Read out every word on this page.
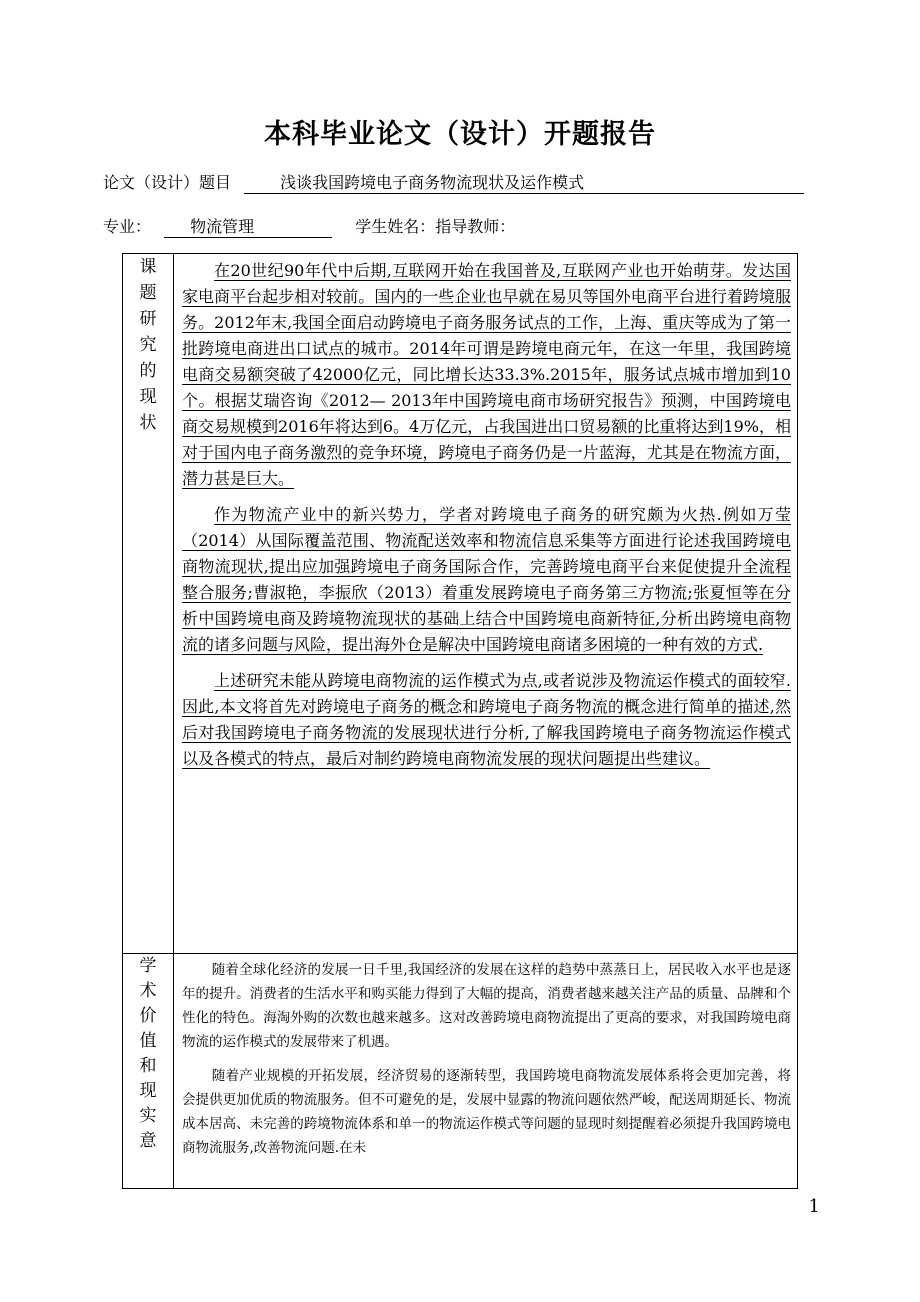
本科毕业论文（设计）开题报告
论文（设计）题目	浅谈我国跨境电子商务物流现状及运作模式
专业： 物流管理	学生姓名：指导教师：
课题研究的现状	在20世纪90年代中后期,互联网开始在我国普及,互联网产业也开始萌芽。发达国家电商平台起步相对较前。国内的一些企业也早就在易贝等国外电商平台进行着跨境服务。2012年末,我国全面启动跨境电子商务服务试点的工作，上海、重庆等成为了第一批跨境电商进出口试点的城市。2014年可谓是跨境电商元年，在这一年里，我国跨境电商交易额突破了42000亿元，同比增长达33.3%.2015年，服务试点城市增加到10个。根据艾瑞咨询《2012— 2013年中国跨境电商市场研究报告》预测，中国跨境电商交易规模到2016年将达到6。4万亿元，占我国进出口贸易额的比重将达到19%，相对于国内电子商务激烈的竞争环境，跨境电子商务仍是一片蓝海，尤其是在物流方面，潜力甚是巨大。

作为物流产业中的新兴势力，学者对跨境电子商务的研究颇为火热.例如万莹（2014）从国际覆盖范围、物流配送效率和物流信息采集等方面进行论述我国跨境电商物流现状,提出应加强跨境电子商务国际合作，完善跨境电商平台来促使提升全流程整合服务;曹淑艳，李振欣（2013）着重发展跨境电子商务第三方物流;张夏恒等在分析中国跨境电商及跨境物流现状的基础上结合中国跨境电商新特征,分析出跨境电商物流的诸多问题与风险，提出海外仓是解决中国跨境电商诸多困境的一种有效的方式.

上述研究未能从跨境电商物流的运作模式为点,或者说涉及物流运作模式的面较窄.因此,本文将首先对跨境电子商务的概念和跨境电子商务物流的概念进行简单的描述,然后对我国跨境电子商务物流的发展现状进行分析,了解我国跨境电子商务物流运作模式以及各模式的特点，最后对制约跨境电商物流发展的现状问题提出些建议。

学术价值和现实意	随着全球化经济的发展一日千里,我国经济的发展在这样的趋势中蒸蒸日上，居民收入水平也是逐年的提升。消费者的生活水平和购买能力得到了大幅的提高，消费者越来越关注产品的质量、品牌和个性化的特色。海淘外购的次数也越来越多。这对改善跨境电商物流提出了更高的要求，对我国跨境电商物流的运作模式的发展带来了机遇。

随着产业规模的开拓发展，经济贸易的逐渐转型，我国跨境电商物流发展体系将会更加完善，将会提供更加优质的物流服务。但不可避免的是，发展中显露的物流问题依然严峻，配送周期延长、物流成本居高、未完善的跨境物流体系和单一的物流运作模式等问题的显现时刻提醒着必须提升我国跨境电商物流服务,改善物流问题.在未

1
